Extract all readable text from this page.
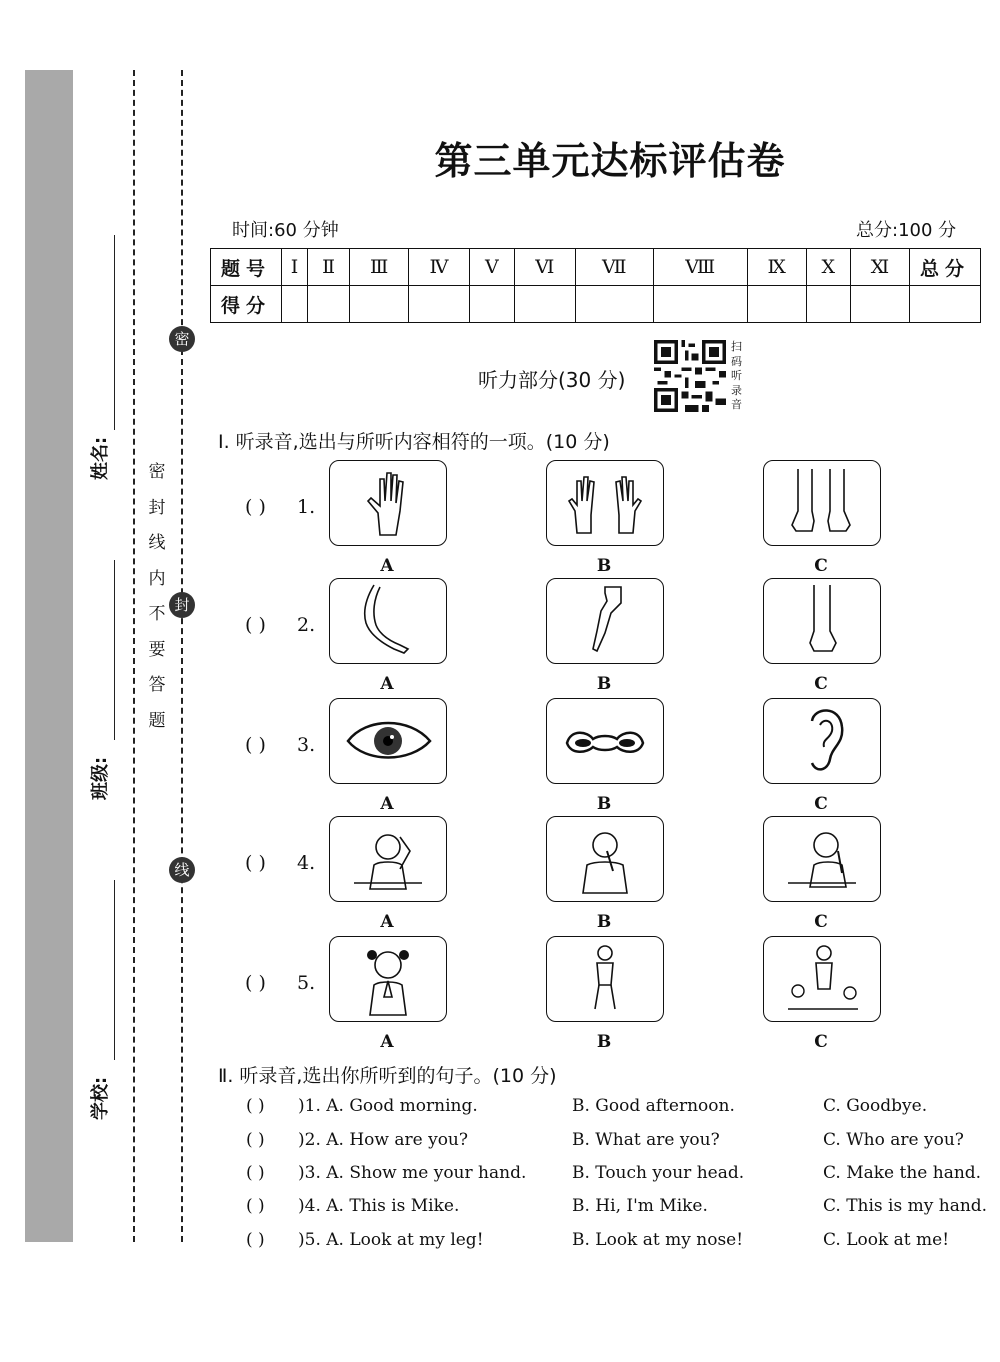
姓名:
班级:
学校:
密
封
线
密封线内不要答题
第三单元达标评估卷
时间:60 分钟	总分:100 分
题号	Ⅰ	Ⅱ	Ⅲ	Ⅳ	Ⅴ	Ⅵ	Ⅶ	Ⅷ	Ⅸ	Ⅹ	Ⅺ	总分
得分												
听力部分(30 分)
扫码听录音
Ⅰ. 听录音,选出与所听内容相符的一项。(10 分)
( ) 1.
A	B	C
( ) 2.
A	B	C
( ) 3.
A	B	C
( ) 4.
A	B	C
( ) 5.
A	B	C
Ⅱ. 听录音,选出你所听到的句子。(10 分)
( ) )1. A. Good morning.	B. Good afternoon.	C. Goodbye.
( ) )2. A. How are you?	B. What are you?	C. Who are you?
( ) )3. A. Show me your hand.	B. Touch your head.	C. Make the hand.
( ) )4. A. This is Mike.	B. Hi, I'm Mike.	C. This is my hand.
( ) )5. A. Look at my leg!	B. Look at my nose!	C. Look at me!
